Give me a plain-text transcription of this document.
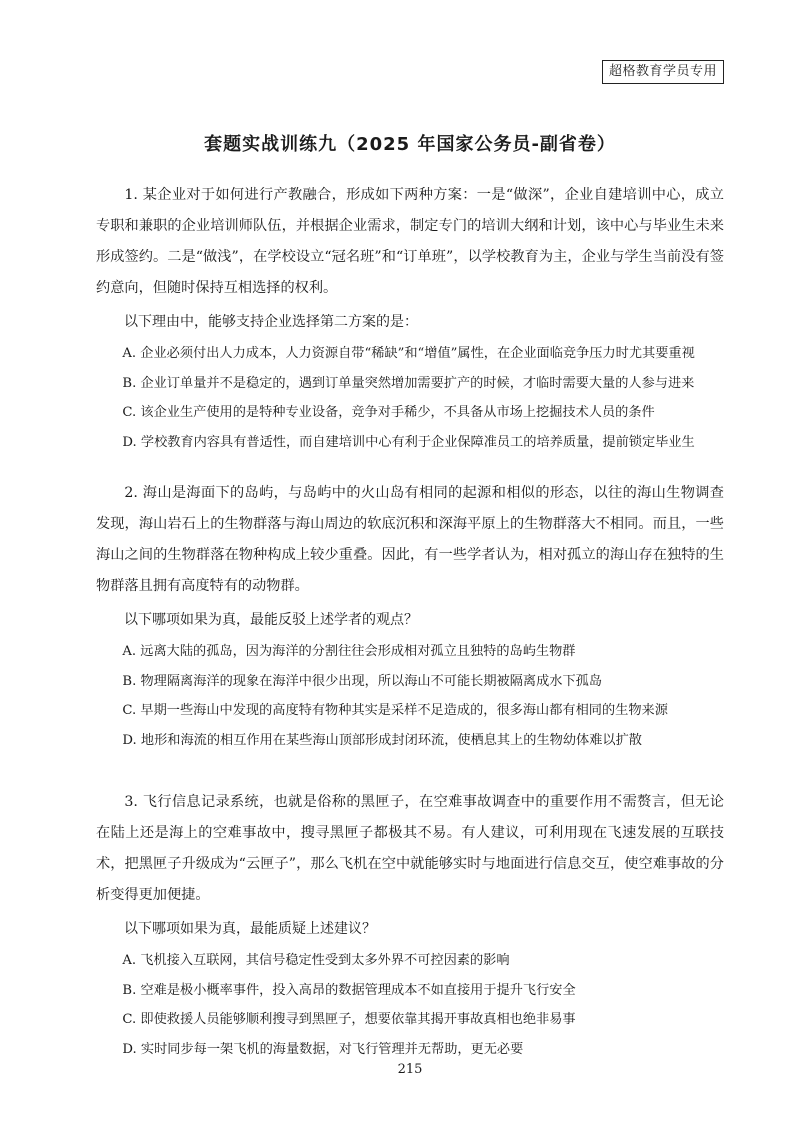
超格教育学员专用
套题实战训练九（2025 年国家公务员-副省卷）

1. 某企业对于如何进行产教融合，形成如下两种方案：一是“做深”，企业自建培训中心，成立专职和兼职的企业培训师队伍，并根据企业需求，制定专门的培训大纲和计划，该中心与毕业生未来形成签约。二是“做浅”，在学校设立“冠名班”和“订单班”，以学校教育为主，企业与学生当前没有签约意向，但随时保持互相选择的权利。

以下理由中，能够支持企业选择第二方案的是：

A. 企业必须付出人力成本，人力资源自带“稀缺”和“增值”属性，在企业面临竞争压力时尤其要重视
B. 企业订单量并不是稳定的，遇到订单量突然增加需要扩产的时候，才临时需要大量的人参与进来
C. 该企业生产使用的是特种专业设备，竞争对手稀少，不具备从市场上挖掘技术人员的条件
D. 学校教育内容具有普适性，而自建培训中心有利于企业保障准员工的培养质量，提前锁定毕业生

2. 海山是海面下的岛屿，与岛屿中的火山岛有相同的起源和相似的形态，以往的海山生物调查发现，海山岩石上的生物群落与海山周边的软底沉积和深海平原上的生物群落大不相同。而且，一些海山之间的生物群落在物种构成上较少重叠。因此，有一些学者认为，相对孤立的海山存在独特的生物群落且拥有高度特有的动物群。

以下哪项如果为真，最能反驳上述学者的观点？

A. 远离大陆的孤岛，因为海洋的分割往往会形成相对孤立且独特的岛屿生物群
B. 物理隔离海洋的现象在海洋中很少出现，所以海山不可能长期被隔离成水下孤岛
C. 早期一些海山中发现的高度特有物种其实是采样不足造成的，很多海山都有相同的生物来源
D. 地形和海流的相互作用在某些海山顶部形成封闭环流，使栖息其上的生物幼体难以扩散

3. 飞行信息记录系统，也就是俗称的黑匣子，在空难事故调查中的重要作用不需赘言，但无论在陆上还是海上的空难事故中，搜寻黑匣子都极其不易。有人建议，可利用现在飞速发展的互联技术，把黑匣子升级成为“云匣子”，那么飞机在空中就能够实时与地面进行信息交互，使空难事故的分析变得更加便捷。

以下哪项如果为真，最能质疑上述建议？

A. 飞机接入互联网，其信号稳定性受到太多外界不可控因素的影响
B. 空难是极小概率事件，投入高昂的数据管理成本不如直接用于提升飞行安全
C. 即使救援人员能够顺利搜寻到黑匣子，想要依靠其揭开事故真相也绝非易事
D. 实时同步每一架飞机的海量数据，对飞行管理并无帮助，更无必要
215
